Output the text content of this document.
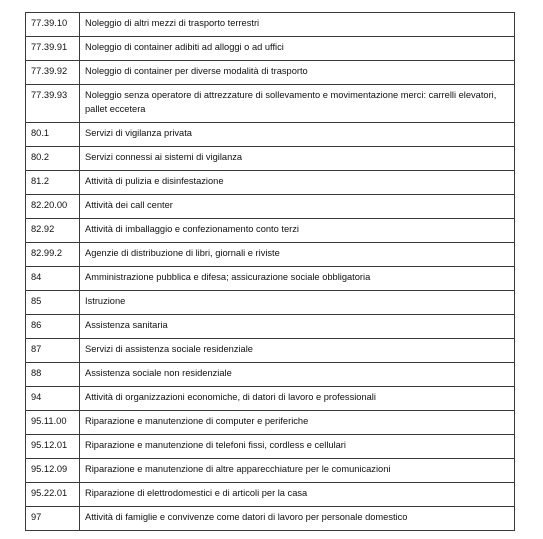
77.39.10	Noleggio di altri mezzi di trasporto terrestri
77.39.91	Noleggio di container adibiti ad alloggi o ad uffici
77.39.92	Noleggio di container per diverse modalità di trasporto
77.39.93	Noleggio senza operatore di attrezzature di sollevamento e movimentazione merci: carrelli elevatori, pallet eccetera
80.1	Servizi di vigilanza privata
80.2	Servizi connessi ai sistemi di vigilanza
81.2	Attività di pulizia e disinfestazione
82.20.00	Attività dei call center
82.92	Attività di imballaggio e confezionamento conto terzi
82.99.2	Agenzie di distribuzione di libri, giornali e riviste
84	Amministrazione pubblica e difesa; assicurazione sociale obbligatoria
85	Istruzione
86	Assistenza sanitaria
87	Servizi di assistenza sociale residenziale
88	Assistenza sociale non residenziale
94	Attività di organizzazioni economiche, di datori di lavoro e professionali
95.11.00	Riparazione e manutenzione di computer e periferiche
95.12.01	Riparazione e manutenzione di telefoni fissi, cordless e cellulari
95.12.09	Riparazione e manutenzione di altre apparecchiature per le comunicazioni
95.22.01	Riparazione di elettrodomestici e di articoli per la casa
97	Attività di famiglie e convivenze come datori di lavoro per personale domestico
